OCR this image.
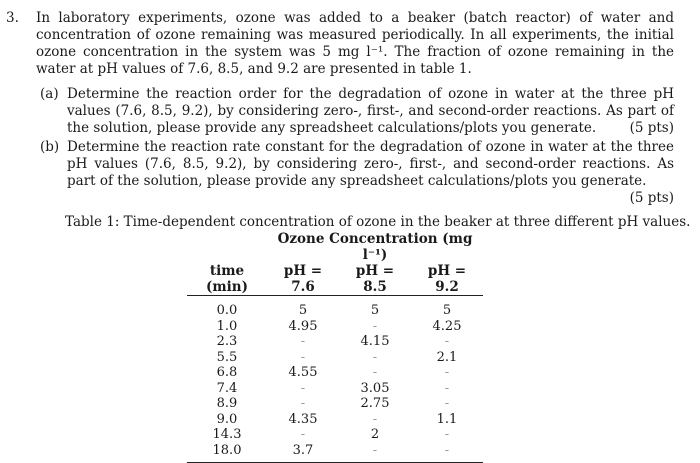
3. In laboratory experiments, ozone was added to a beaker (batch reactor) of water and concentration of ozone remaining was measured periodically. In all experiments, the initial ozone concentration in the system was 5 mg l⁻¹. The fraction of ozone remaining in the water at pH values of 7.6, 8.5, and 9.2 are presented in table 1.
(a) Determine the reaction order for the degradation of ozone in water at the three pH values (7.6, 8.5, 9.2), by considering zero-, first-, and second-order reactions. As part of the solution, please provide any spreadsheet calculations/plots you generate. (5 pts)
(b) Determine the reaction rate constant for the degradation of ozone in water at the three pH values (7.6, 8.5, 9.2), by considering zero-, first-, and second-order reactions. As part of the solution, please provide any spreadsheet calculations/plots you generate.
(5 pts)
Table 1: Time-dependent concentration of ozone in the beaker at three different pH values.
	Ozone Concentration (mg l⁻¹)		
time (min)	pH = 7.6	pH = 8.5	pH = 9.2
0.0	5	5	5
1.0	4.95	-	4.25
2.3	-	4.15	-
5.5	-	-	2.1
6.8	4.55	-	-
7.4	-	3.05	-
8.9	-	2.75	-
9.0	4.35	-	1.1
14.3	-	2	-
18.0	3.7	-	-
